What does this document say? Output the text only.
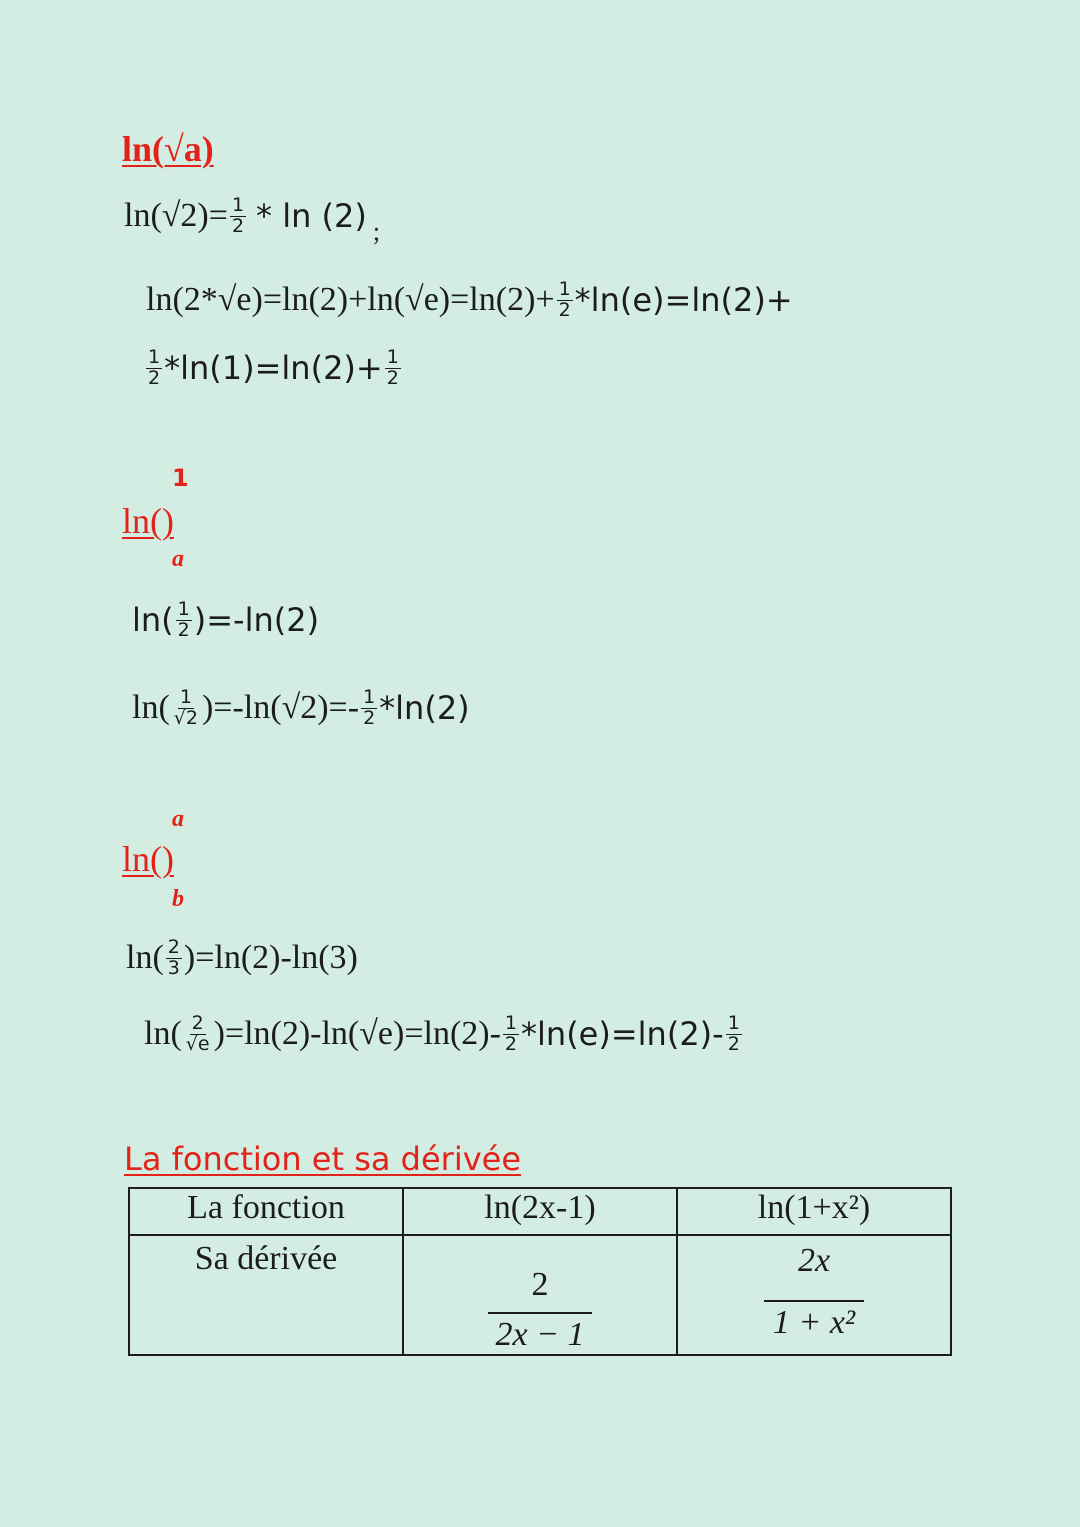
ln(√a)
$\ln(√2)= \frac{1}{2} * \ln (2)$ ;
$\ln(2*√e)=\ln(2)+\ln(√e)=\ln(2)+ \frac{1}{2} *\ln(e)=\ln(2)+$
$\frac{1}{2} *\ln(1)=\ln(2)+ \frac{1}{2}$
1
ln()
a
$\ln( \frac{1}{2} )=-\ln(2)$
$\ln( \frac{1}{√2} )=-\ln(√2)=- \frac{1}{2} *\ln(2)$
a
ln()
b
$\ln( \frac{2}{3} )=\ln(2)-\ln(3)$
$\ln( \frac{2}{√e} )=\ln(2)-\ln(√e)=\ln(2)- \frac{1}{2} *\ln(e)=\ln(2)- \frac{1}{2}$
La fonction et sa dérivée
La fonction	ln(2x-1)	ln(1+x²)
Sa dérivée	$\frac{2}{2x - 1}$	$\frac{2x}{\text{1 + x²}}$
